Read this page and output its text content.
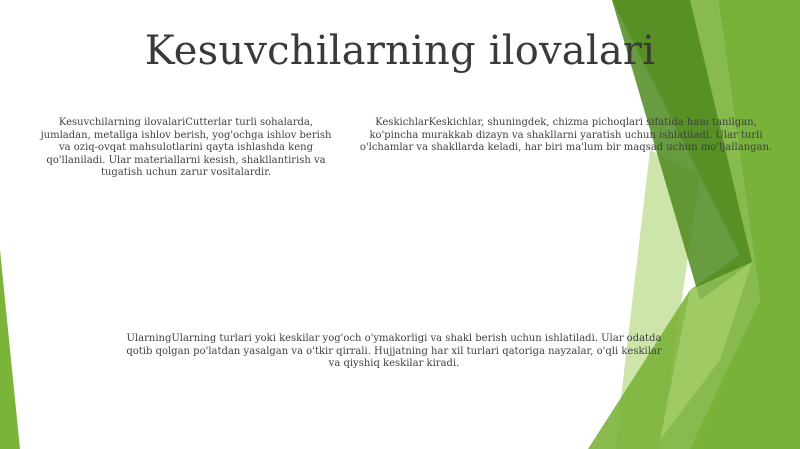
Kesuvchilarning ilovalari
Kesuvchilarning ilovalariCutterlar turli sohalarda, jumladan, metallga ishlov berish, yog'ochga ishlov berish va oziq-ovqat mahsulotlarini qayta ishlashda keng qo'llaniladi. Ular materiallarni kesish, shakllantirish va tugatish uchun zarur vositalardir.
KeskichlarKeskichlar, shuningdek, chizma pichoqlari sifatida ham tanilgan, ko'pincha murakkab dizayn va shakllarni yaratish uchun ishlatiladi. Ular turli o'lchamlar va shakllarda keladi, har biri ma'lum bir maqsad uchun mo'ljallangan.
UlarningUlarning turlari yoki keskilar yog'och o'ymakorligi va shakl berish uchun ishlatiladi. Ular odatda qotib qolgan po'latdan yasalgan va o'tkir qirrali. Hujjatning har xil turlari qatoriga nayzalar, o'qli keskilar va qiyshiq keskilar kiradi.
